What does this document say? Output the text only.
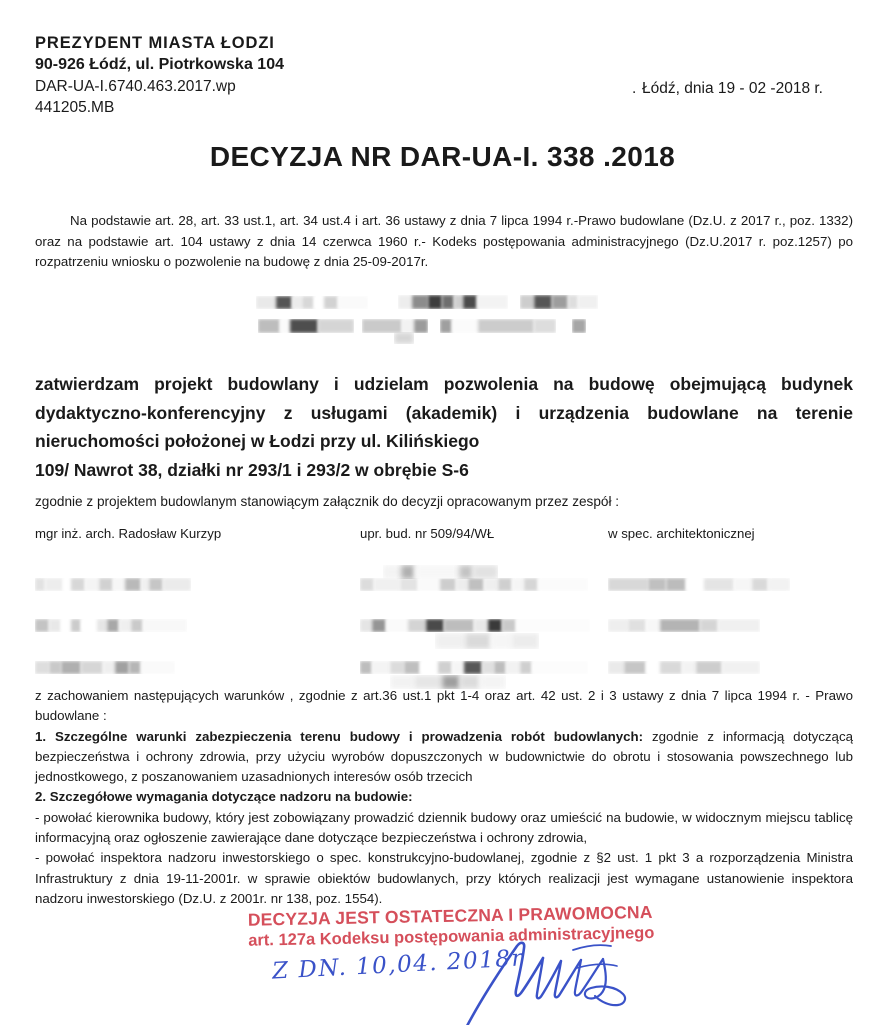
PREZYDENT MIASTA ŁODZI
90-926 Łódź, ul. Piotrkowska 104
DAR-UA-I.6740.463.2017.wp
441205.MB
. Łódź, dnia 19 - 02 -2018 r.
DECYZJA NR DAR-UA-I. 338 .2018
Na podstawie art. 28, art. 33 ust.1, art. 34 ust.4 i art. 36 ustawy z dnia 7 lipca 1994 r.-Prawo budowlane (Dz.U. z 2017 r., poz. 1332) oraz na podstawie art. 104 ustawy z dnia 14 czerwca 1960 r.- Kodeks postępowania administracyjnego (Dz.U.2017 r. poz.1257) po rozpatrzeniu wniosku o pozwolenie na budowę z dnia 25-09-2017r.
zatwierdzam projekt budowlany i udzielam pozwolenia na budowę obejmującą budynek dydaktyczno-konferencyjny z usługami (akademik) i urządzenia budowlane na terenie nieruchomości położonej w Łodzi przy ul. Kilińskiego
109/ Nawrot 38, działki nr 293/1 i 293/2 w obrębie S-6
zgodnie z projektem budowlanym stanowiącym załącznik do decyzji opracowanym przez zespół :
mgr inż. arch. Radosław Kurzyp	upr. bud. nr 509/94/WŁ	w spec. architektonicznej

z zachowaniem następujących warunków , zgodnie z art.36 ust.1 pkt 1-4 oraz art. 42 ust. 2 i 3 ustawy z dnia 7 lipca 1994 r. - Prawo budowlane :

1. Szczególne warunki zabezpieczenia terenu budowy i prowadzenia robót budowlanych: zgodnie z informacją dotyczącą bezpieczeństwa i ochrony zdrowia, przy użyciu wyrobów dopuszczonych w budownictwie do obrotu i stosowania powszechnego lub jednostkowego, z poszanowaniem uzasadnionych interesów osób trzecich

2. Szczegółowe wymagania dotyczące nadzoru na budowie:

- powołać kierownika budowy, który jest zobowiązany prowadzić dziennik budowy oraz umieścić na budowie, w widocznym miejscu tablicę informacyjną oraz ogłoszenie zawierające dane dotyczące bezpieczeństwa i ochrony zdrowia,

- powołać inspektora nadzoru inwestorskiego o spec. konstrukcyjno-budowlanej, zgodnie z §2 ust. 1 pkt 3 a rozporządzenia Ministra Infrastruktury z dnia 19-11-2001r. w sprawie obiektów budowlanych, przy których realizacji jest wymagane ustanowienie inspektora nadzoru inwestorskiego (Dz.U. z 2001r. nr 138, poz. 1554).

DECYZJA JEST OSTATECZNA I PRAWOMOCNA
art. 127a Kodeksu postępowania administracyjnego
Z DN. 10,04. 2018r
